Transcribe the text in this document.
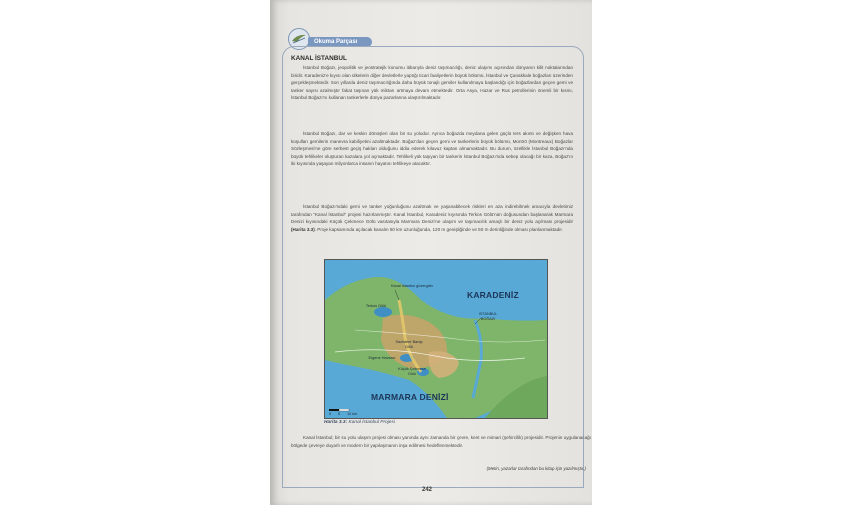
Okuma Parçası
KANAL İSTANBUL

İstanbul Boğazı, jeopolitik ve jeostratejik konumu itibarıyla deniz taşımacılığı, deniz ulaşımı açısından dünyanın kilit noktalarından biridir. Karadeniz'e kıyısı olan ülkelerin diğer devletlerle yaptığı ticari faaliyetlerin büyük bölümü, İstanbul ve Çanakkale boğazları üzerinden gerçekleşmektedir. Son yıllarda deniz taşımacılığında daha büyük tonajlı gemiler kullanılmaya başlandığı için boğazlardan geçen gemi ve tanker sayısı azalmıştır fakat taşınan yük miktarı artmaya devam etmektedir. Orta Asya, Hazar ve Rus petrollerinin önemli bir kısmı, İstanbul Boğazı'nı kullanan tankerlerle dünya pazarlarına ulaştırılmaktadır.

İstanbul Boğazı, dar ve keskin dönüşleri olan bir su yoludur. Ayrıca boğazda meydana gelen güçlü ters akıntı ve değişken hava koşulları gemilerin manevra kabiliyetini azaltmaktadır. Boğaz'dan geçen gemi ve tankerlerin büyük bölümü, Montrö (Montreaux) Boğazlar Sözleşmesi'ne göre serbest geçiş hakları olduğunu iddia ederek kılavuz kaptan almamaktadır. Bu durum, özellikle İstanbul Boğazı'nda büyük tehlikeler oluşturan kazalara yol açmaktadır. Tehlikeli yük taşıyan bir tankerin İstanbul Boğazı'nda sebep olacağı bir kaza, Boğaz'ın iki kıyısında yaşayan milyonlarca insanın hayatını tehlikeye atacaktır.

İstanbul Boğazı'ndaki gemi ve tanker yoğunluğunu azaltmak ve yaşanabilecek riskleri en aza indirebilmek amacıyla devletimiz tarafından "Kanal İstanbul" projesi hazırlanmıştır. Kanal İstanbul, Karadeniz kıyısında Terkos Gölü'nün doğusundan başlanarak Marmara Denizi kıyısındaki Küçük Çekmece Gölü vasıtasıyla Marmara Denizi'ne ulaşım ve taşımacılık amaçlı bir deniz yolu açılması projesidir (Harita 3.3). Proje kapsamında açılacak kanalın 50 km uzunluğunda, 120 m genişliğinde ve 50 m derinliğinde olması planlanmaktadır.

Kanal İstanbul güzergâhı
Terkos Gölü
İSTANBUL BOĞAZI
Sazlıdere Barajı Gölü
Ergene Havzası
Küçük Çekmece Gölü
KARADENİZ
MARMARA DENİZİ
0 5 10 km
Harita 3.3: Kanal İstanbul Projesi

Kanal İstanbul; bir su yolu ulaşım projesi olması yanında aynı zamanda bir çevre, kent ve mimari (şehircilik) projesidir. Projenin uygulanacağı bölgede çevreye duyarlı ve modern bir yapılaşmanın inşa edilmesi hedeflenmektedir.

(Metin, yazarlar tarafından bu kitap için yazılmıştır.)
242
